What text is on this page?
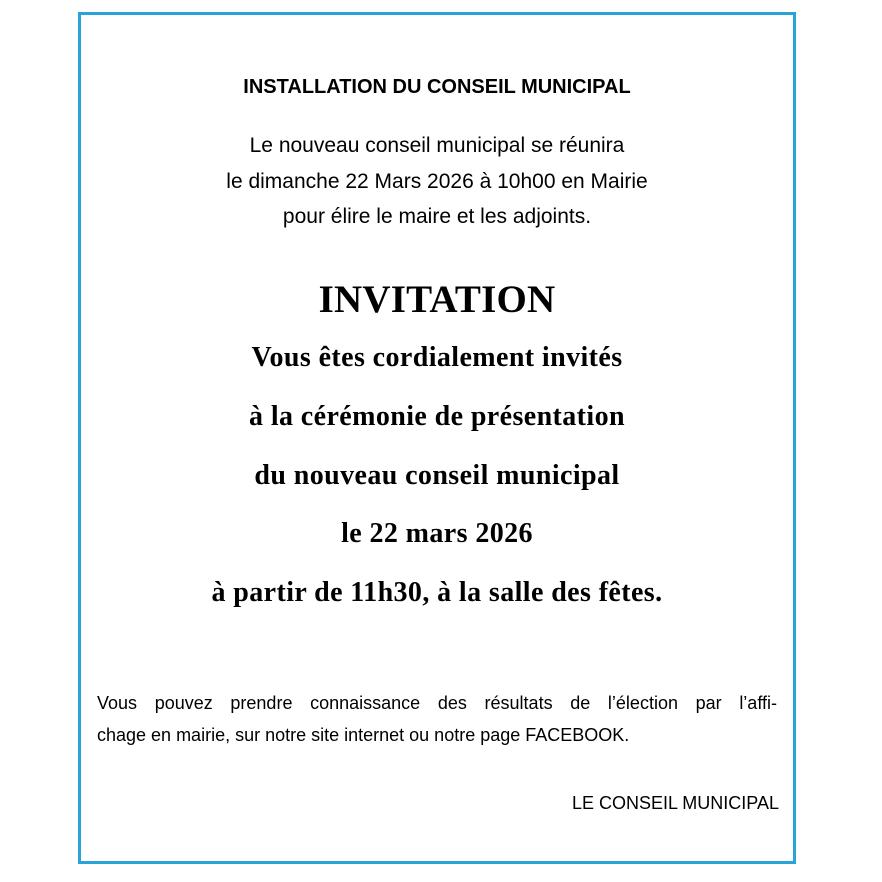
INSTALLATION DU CONSEIL MUNICIPAL

Le nouveau conseil municipal se réunira

le dimanche 22 Mars 2026 à 10h00 en Mairie

pour élire le maire et les adjoints.

INVITATION

Vous êtes cordialement invités

à la cérémonie de présentation

du nouveau conseil municipal

le 22 mars 2026

à partir de 11h30, à la salle des fêtes.

Vous pouvez prendre connaissance des résultats de l’élection par l’affi-

chage en mairie, sur notre site internet ou notre page FACEBOOK.

LE CONSEIL MUNICIPAL
